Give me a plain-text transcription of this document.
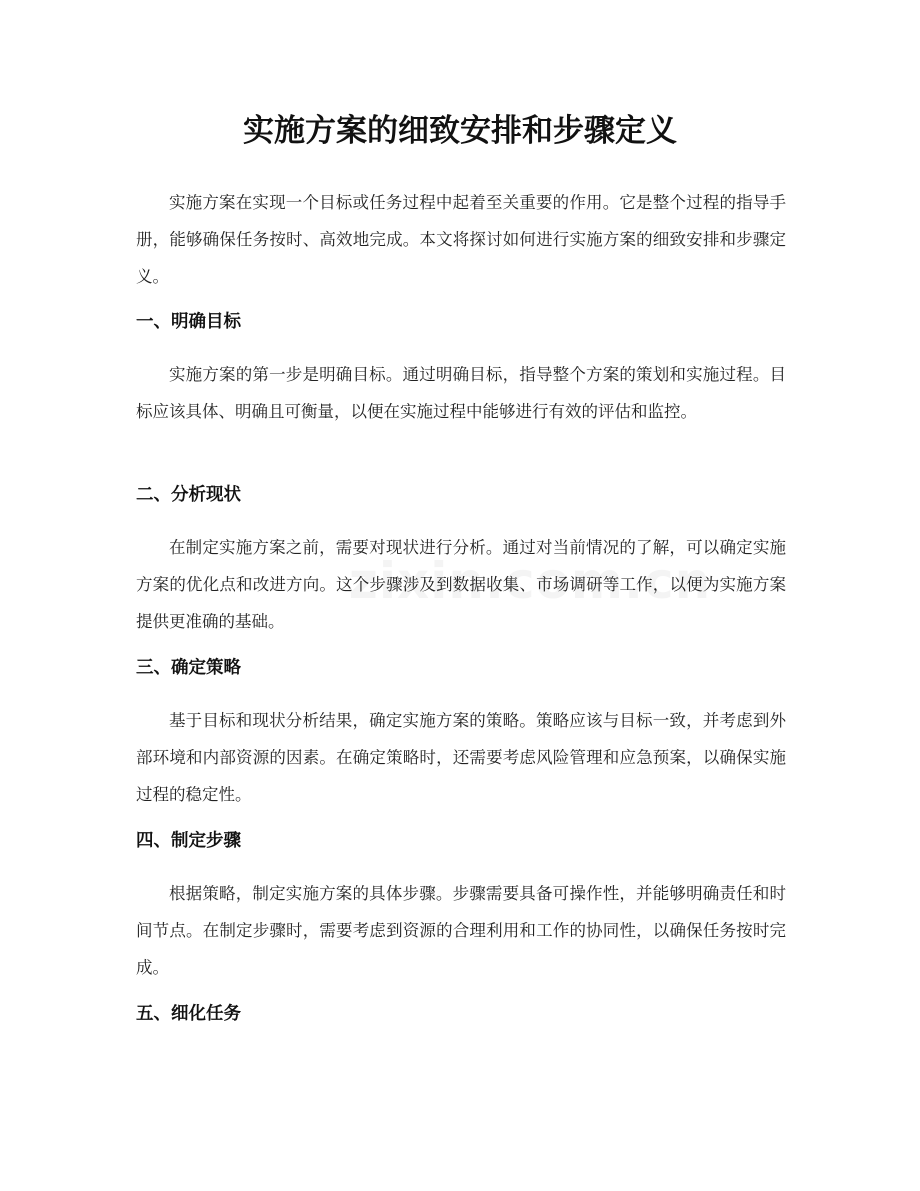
实施方案的细致安排和步骤定义

实施方案在实现一个目标或任务过程中起着至关重要的作用。它是整个过程的指导手册，能够确保任务按时、高效地完成。本文将探讨如何进行实施方案的细致安排和步骤定义。

一、明确目标

实施方案的第一步是明确目标。通过明确目标，指导整个方案的策划和实施过程。目标应该具体、明确且可衡量，以便在实施过程中能够进行有效的评估和监控。

二、分析现状

在制定实施方案之前，需要对现状进行分析。通过对当前情况的了解，可以确定实施方案的优化点和改进方向。这个步骤涉及到数据收集、市场调研等工作，以便为实施方案提供更准确的基础。

三、确定策略

基于目标和现状分析结果，确定实施方案的策略。策略应该与目标一致，并考虑到外部环境和内部资源的因素。在确定策略时，还需要考虑风险管理和应急预案，以确保实施过程的稳定性。

四、制定步骤

根据策略，制定实施方案的具体步骤。步骤需要具备可操作性，并能够明确责任和时间节点。在制定步骤时，需要考虑到资源的合理利用和工作的协同性，以确保任务按时完成。

五、细化任务
